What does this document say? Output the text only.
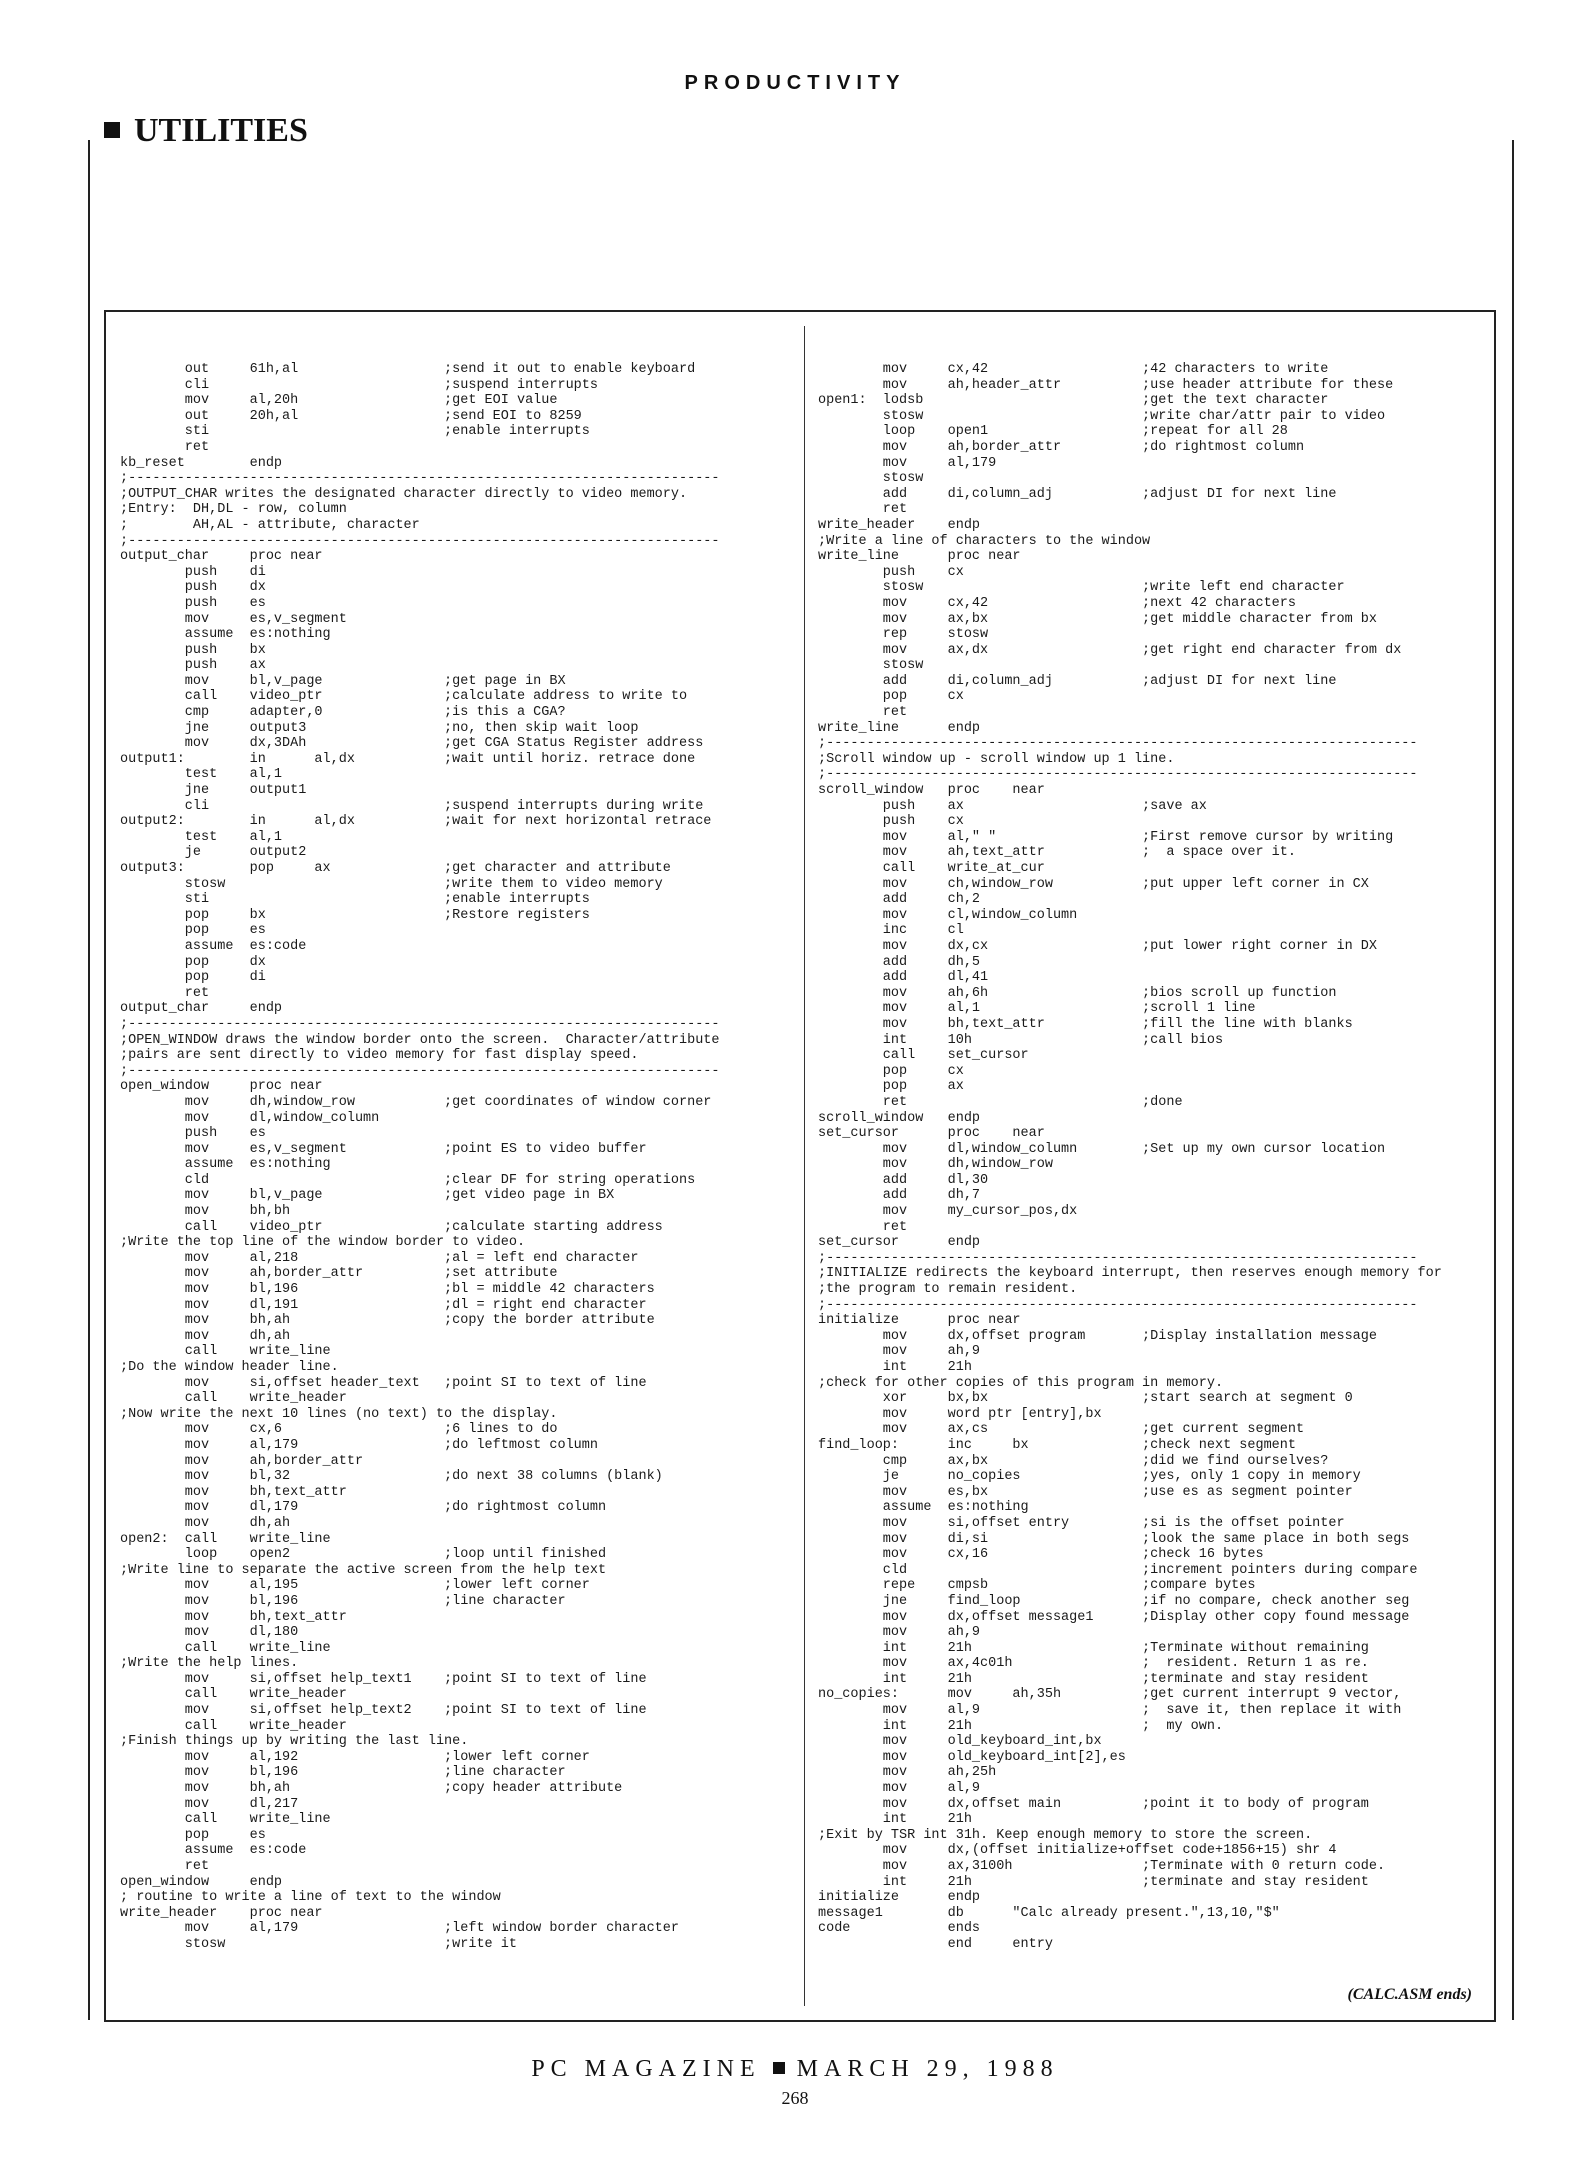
PRODUCTIVITY
UTILITIES
out     61h,al                  ;send it out to enable keyboard
cli                             ;suspend interrupts
mov     al,20h                  ;get EOI value
out     20h,al                  ;send EOI to 8259
sti                             ;enable interrupts
ret
kb_reset        endp
;-------------------------------------------------------------------------
;OUTPUT_CHAR writes the designated character directly to video memory.
;Entry:  DH,DL - row, column
;        AH,AL - attribute, character
;-------------------------------------------------------------------------
output_char     proc near
push    di
push    dx
push    es
mov     es,v_segment
assume  es:nothing
push    bx
push    ax
mov     bl,v_page               ;get page in BX
call    video_ptr               ;calculate address to write to
cmp     adapter,0               ;is this a CGA?
jne     output3                 ;no, then skip wait loop
mov     dx,3DAh                 ;get CGA Status Register address
output1:        in      al,dx           ;wait until horiz. retrace done
test    al,1
jne     output1
cli                             ;suspend interrupts during write
output2:        in      al,dx           ;wait for next horizontal retrace
test    al,1
je      output2
output3:        pop     ax              ;get character and attribute
stosw                           ;write them to video memory
sti                             ;enable interrupts
pop     bx                      ;Restore registers
pop     es
assume  es:code
pop     dx
pop     di
ret
output_char     endp
;-------------------------------------------------------------------------
;OPEN_WINDOW draws the window border onto the screen.  Character/attribute
;pairs are sent directly to video memory for fast display speed.
;-------------------------------------------------------------------------
open_window     proc near
mov     dh,window_row           ;get coordinates of window corner
mov     dl,window_column
push    es
mov     es,v_segment            ;point ES to video buffer
assume  es:nothing
cld                             ;clear DF for string operations
mov     bl,v_page               ;get video page in BX
mov     bh,bh
call    video_ptr               ;calculate starting address
;Write the top line of the window border to video.
mov     al,218                  ;al = left end character
mov     ah,border_attr          ;set attribute
mov     bl,196                  ;bl = middle 42 characters
mov     dl,191                  ;dl = right end character
mov     bh,ah                   ;copy the border attribute
mov     dh,ah
call    write_line
;Do the window header line.
mov     si,offset header_text   ;point SI to text of line
call    write_header
;Now write the next 10 lines (no text) to the display.
mov     cx,6                    ;6 lines to do
mov     al,179                  ;do leftmost column
mov     ah,border_attr
mov     bl,32                   ;do next 38 columns (blank)
mov     bh,text_attr
mov     dl,179                  ;do rightmost column
mov     dh,ah
open2:  call    write_line
loop    open2                   ;loop until finished
;Write line to separate the active screen from the help text
mov     al,195                  ;lower left corner
mov     bl,196                  ;line character
mov     bh,text_attr
mov     dl,180
call    write_line
;Write the help lines.
mov     si,offset help_text1    ;point SI to text of line
call    write_header
mov     si,offset help_text2    ;point SI to text of line
call    write_header
;Finish things up by writing the last line.
mov     al,192                  ;lower left corner
mov     bl,196                  ;line character
mov     bh,ah                   ;copy header attribute
mov     dl,217
call    write_line
pop     es
assume  es:code
ret
open_window     endp
; routine to write a line of text to the window
write_header    proc near
mov     al,179                  ;left window border character
stosw                           ;write it
mov     cx,42                   ;42 characters to write
mov     ah,header_attr          ;use header attribute for these
open1:  lodsb                           ;get the text character
stosw                           ;write char/attr pair to video
loop    open1                   ;repeat for all 28
mov     ah,border_attr          ;do rightmost column
mov     al,179
stosw
add     di,column_adj           ;adjust DI for next line
ret
write_header    endp
;Write a line of characters to the window
write_line      proc near
push    cx
stosw                           ;write left end character
mov     cx,42                   ;next 42 characters
mov     ax,bx                   ;get middle character from bx
rep     stosw
mov     ax,dx                   ;get right end character from dx
stosw
add     di,column_adj           ;adjust DI for next line
pop     cx
ret
write_line      endp
;-------------------------------------------------------------------------
;Scroll window up - scroll window up 1 line.
;-------------------------------------------------------------------------
scroll_window   proc    near
push    ax                      ;save ax
push    cx
mov     al," "                  ;First remove cursor by writing
mov     ah,text_attr            ;  a space over it.
call    write_at_cur
mov     ch,window_row           ;put upper left corner in CX
add     ch,2
mov     cl,window_column
inc     cl
mov     dx,cx                   ;put lower right corner in DX
add     dh,5
add     dl,41
mov     ah,6h                   ;bios scroll up function
mov     al,1                    ;scroll 1 line
mov     bh,text_attr            ;fill the line with blanks
int     10h                     ;call bios
call    set_cursor
pop     cx
pop     ax
ret                             ;done
scroll_window   endp
set_cursor      proc    near
mov     dl,window_column        ;Set up my own cursor location
mov     dh,window_row
add     dl,30
add     dh,7
mov     my_cursor_pos,dx
ret
set_cursor      endp
;-------------------------------------------------------------------------
;INITIALIZE redirects the keyboard interrupt, then reserves enough memory for
;the program to remain resident.
;-------------------------------------------------------------------------
initialize      proc near
mov     dx,offset program       ;Display installation message
mov     ah,9
int     21h
;check for other copies of this program in memory.
xor     bx,bx                   ;start search at segment 0
mov     word ptr [entry],bx
mov     ax,cs                   ;get current segment
find_loop:      inc     bx              ;check next segment
cmp     ax,bx                   ;did we find ourselves?
je      no_copies               ;yes, only 1 copy in memory
mov     es,bx                   ;use es as segment pointer
assume  es:nothing
mov     si,offset entry         ;si is the offset pointer
mov     di,si                   ;look the same place in both segs
mov     cx,16                   ;check 16 bytes
cld                             ;increment pointers during compare
repe    cmpsb                   ;compare bytes
jne     find_loop               ;if no compare, check another seg
mov     dx,offset message1      ;Display other copy found message
mov     ah,9
int     21h                     ;Terminate without remaining
mov     ax,4c01h                ;  resident. Return 1 as re.
int     21h                     ;terminate and stay resident
no_copies:      mov     ah,35h          ;get current interrupt 9 vector,
mov     al,9                    ;  save it, then replace it with
int     21h                     ;  my own.
mov     old_keyboard_int,bx
mov     old_keyboard_int[2],es
mov     ah,25h
mov     al,9
mov     dx,offset main          ;point it to body of program
int     21h
;Exit by TSR int 31h. Keep enough memory to store the screen.
mov     dx,(offset initialize+offset code+1856+15) shr 4
mov     ax,3100h                ;Terminate with 0 return code.
int     21h                     ;terminate and stay resident
initialize      endp
message1        db      "Calc already present.",13,10,"$"
code            ends
end     entry
(CALC.ASM ends)
PC MAGAZINE MARCH 29, 1988
268
